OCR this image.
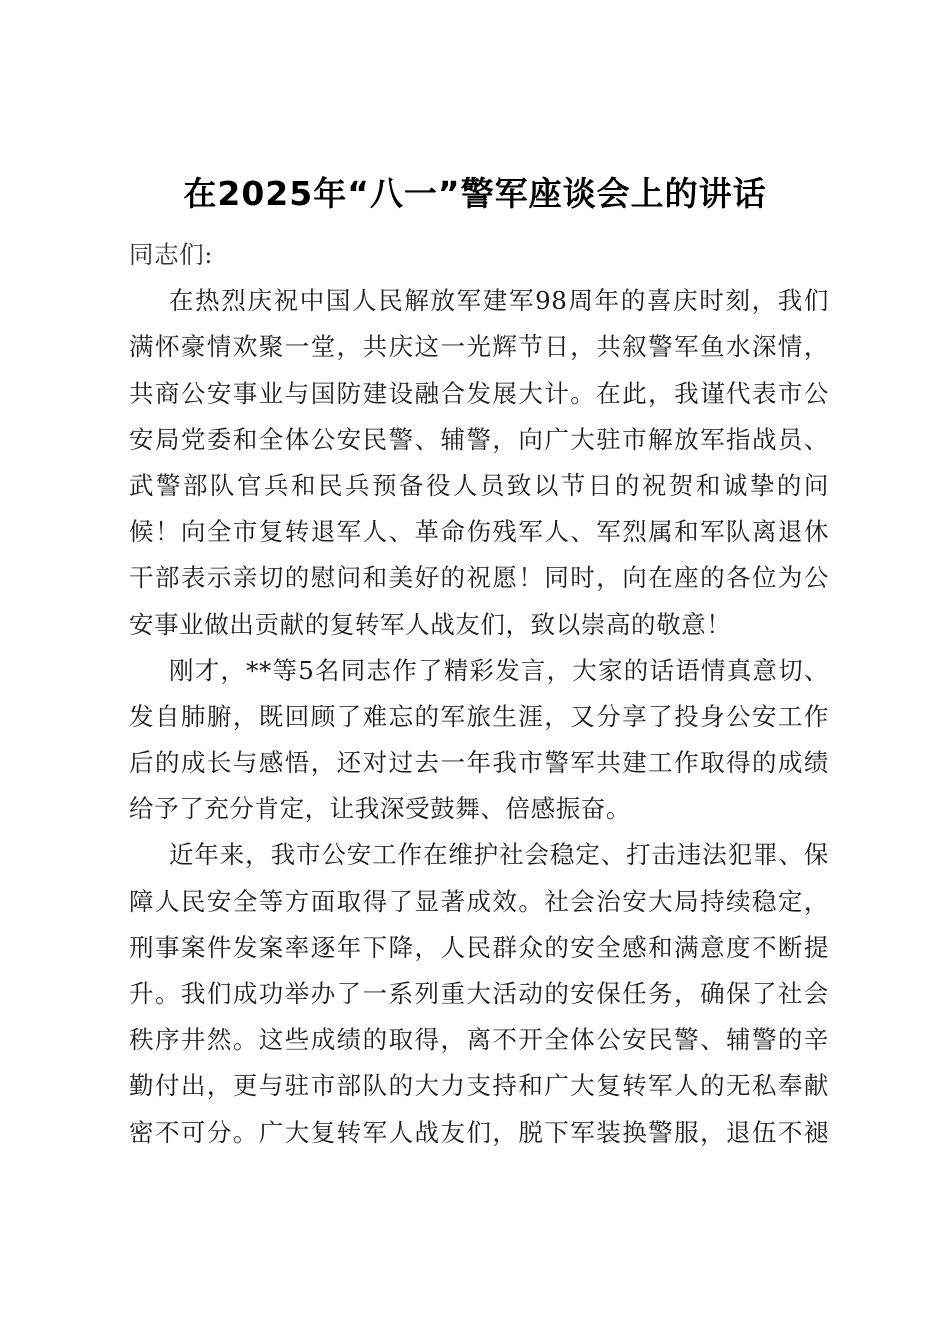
在2025年“八一”警军座谈会上的讲话
同志们:
在热烈庆祝中国人民解放军建军98周年的喜庆时刻，我们
满怀豪情欢聚一堂，共庆这一光辉节日，共叙警军鱼水深情，
共商公安事业与国防建设融合发展大计。在此，我谨代表市公
安局党委和全体公安民警、辅警，向广大驻市解放军指战员、
武警部队官兵和民兵预备役人员致以节日的祝贺和诚挚的问
候！向全市复转退军人、革命伤残军人、军烈属和军队离退休
干部表示亲切的慰问和美好的祝愿！同时，向在座的各位为公
安事业做出贡献的复转军人战友们，致以崇高的敬意！
刚才，**等5名同志作了精彩发言，大家的话语情真意切、
发自肺腑，既回顾了难忘的军旅生涯，又分享了投身公安工作
后的成长与感悟，还对过去一年我市警军共建工作取得的成绩
给予了充分肯定，让我深受鼓舞、倍感振奋。
近年来，我市公安工作在维护社会稳定、打击违法犯罪、保
障人民安全等方面取得了显著成效。社会治安大局持续稳定，
刑事案件发案率逐年下降，人民群众的安全感和满意度不断提
升。我们成功举办了一系列重大活动的安保任务，确保了社会
秩序井然。这些成绩的取得，离不开全体公安民警、辅警的辛
勤付出，更与驻市部队的大力支持和广大复转军人的无私奉献
密不可分。广大复转军人战友们，脱下军装换警服，退伍不褪
